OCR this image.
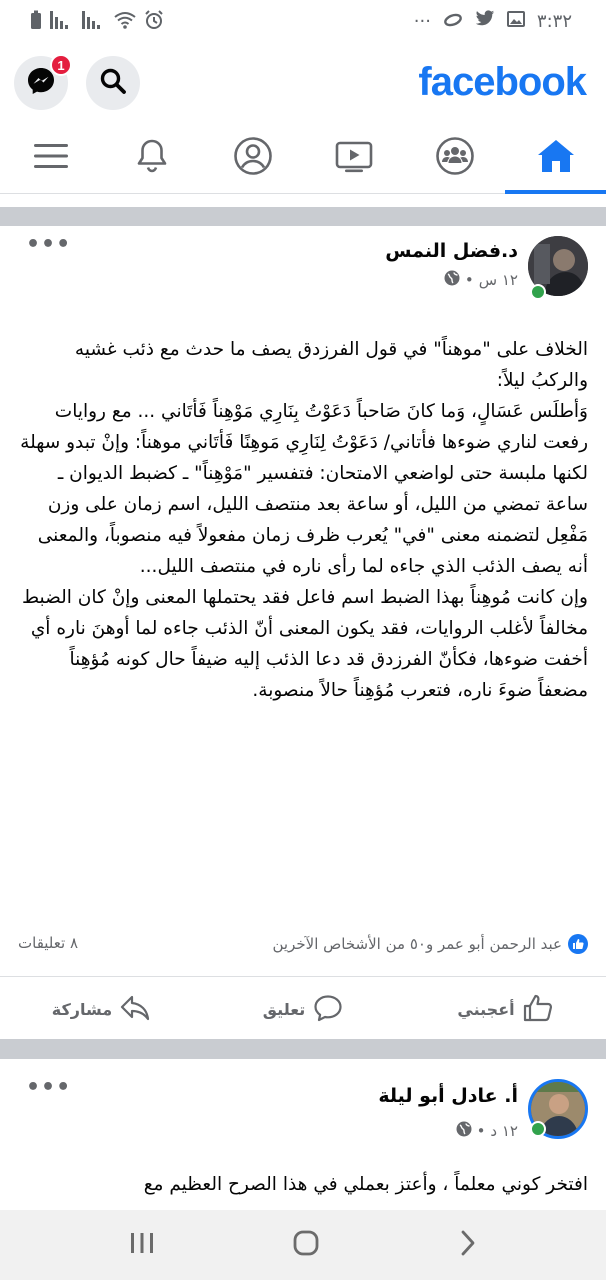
···	٣:٣٢
1	facebook
د.فضل النمس
١٢ س
•
•••

الخلاف على "موهناً" في قول الفرزدق يصف ما حدث مع ذئب غشيه والركبُ ليلاً:

وَأطلَس عَسَالٍ، وَما كانَ صَاحباً دَعَوْتُ بِنَارِي مَوْهِناً فَأتَاني ... مع روايات

رفعت لناري ضوءها فأتاني/ دَعَوْتُ لِنَارِي مَوهِنًا فَأتَاني موهناً: وإنْ تبدو سهلة لكنها ملبسة حتى لواضعي الامتحان: فتفسير "مَوْهِناً" ـ كضبط الديوان ـ ساعة تمضي من الليل، أو ساعة بعد منتصف الليل، اسم زمان على وزن مَفْعِل لتضمنه معنى "في" يُعرب ظرف زمان مفعولاً فيه منصوباً، والمعنى أنه يصف الذئب الذي جاءه لما رأى ناره في منتصف الليل...

وإن كانت مُوهِناً بهذا الضبط اسم فاعل فقد يحتملها المعنى وإنْ كان الضبط مخالفاً لأغلب الروايات، فقد يكون المعنى أنّ الذئب جاءه لما أوهنَ ناره أي أخفت ضوءها، فكأنّ الفرزدق قد دعا الذئب إليه ضيفاً حال كونه مُؤهِناً مضعفاً ضوءَ ناره، فتعرب مُؤهِناً حالاً منصوبة.

عبد الرحمن أبو عمر و٥٠ من الأشخاص الآخرين
٨ تعليقات
أعجبني
تعليق
مشاركة
أ. عادل أبو ليلة
١٢ د
•
•••

افتخر كوني معلماً ، وأعتز بعملي في هذا الصرح العظيم مع
